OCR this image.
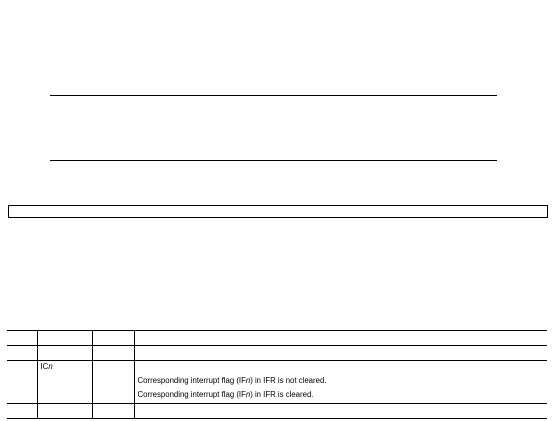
	ICn		
			Corresponding interrupt flag (IFn) in IFR is not cleared.
			Corresponding interrupt flag (IFn) in IFR is cleared.
